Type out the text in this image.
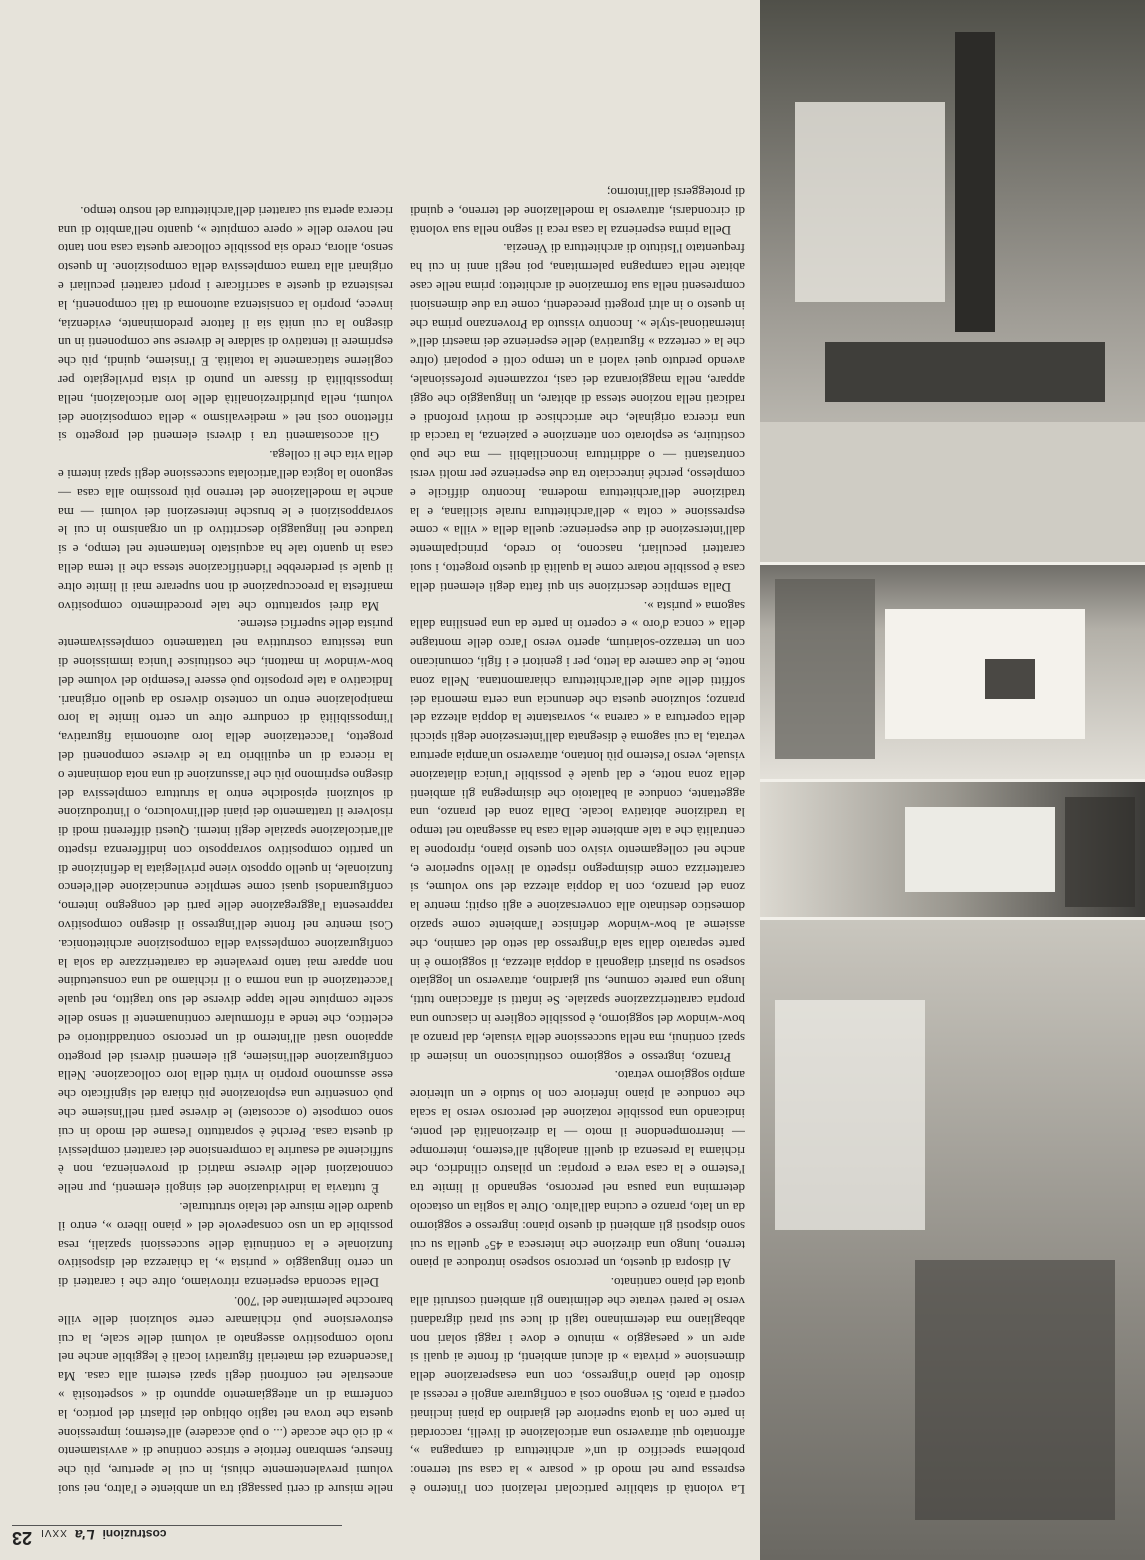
La volontà di stabilire particolari relazioni con l'interno è espressa pure nel modo di « posare » la casa sul terreno: problema specifico di un'« architettura di campagna », affrontato qui attraverso una articolazione di livelli, raccordati in parte con la quota superiore del giardino da piani inclinati coperti a prato. Si vengono così a configurare angoli e recessi al disotto del piano d'ingresso, con una esasperazione della dimensione « privata » di alcuni ambienti, di fronte ai quali si apre un « paesaggio » minuto e dove i raggi solari non abbagliano ma determinano tagli di luce sui prati digradanti verso le pareti vetrate che delimitano gli ambienti costruiti alla quota del piano cantinato.

Al disopra di questo, un percorso sospeso introduce al piano terreno, lungo una direzione che interseca a 45° quella su cui sono disposti gli ambienti di questo piano: ingresso e soggiorno da un lato, pranzo e cucina dall'altro. Oltre la soglia un ostacolo determina una pausa nel percorso, segnando il limite tra l'esterno e la casa vera e propria: un pilastro cilindrico, che richiama la presenza di quelli analoghi all'esterno, interrompe — interrompendone il moto — la direzionalità del ponte, indicando una possibile rotazione del percorso verso la scala che conduce al piano inferiore con lo studio e un ulteriore ampio soggiorno vetrato.

Pranzo, ingresso e soggiorno costituiscono un insieme di spazi continui, ma nella successione della visuale, dal pranzo al bow-window del soggiorno, è possibile cogliere in ciascuno una propria caratterizzazione spaziale. Se infatti si affacciano tutti, lungo una parete comune, sul giardino, attraverso un loggiato sospeso su pilastri diagonali a doppia altezza, il soggiorno è in parte separato dalla sala d'ingresso dal setto del camino, che assieme al bow-window definisce l'ambiente come spazio domestico destinato alla conversazione e agli ospiti; mentre la zona del pranzo, con la doppia altezza del suo volume, si caratterizza come disimpegno rispetto al livello superiore e, anche nel collegamento visivo con questo piano, ripropone la centralità che a tale ambiente della casa ha assegnato nel tempo la tradizione abitativa locale. Dalla zona del pranzo, una aggettante, conduce al ballatoio che disimpegna gli ambienti della zona notte, e dal quale è possibile l'unica dilatazione visuale, verso l'esterno più lontano, attraverso un'ampia apertura vetrata, la cui sagoma è disegnata dall'intersezione degli spicchi della copertura a « carena », sovrastante la doppia altezza del pranzo; soluzione questa che denuncia una certa memoria dei soffitti delle aule dell'architettura chiaramontana. Nella zona notte, le due camere da letto, per i genitori e i figli, comunicano con un terrazzo-solarium, aperto verso l'arco delle montagne della « conca d'oro » e coperto in parte da una pensilina dalla sagoma « purista ».

Dalla semplice descrizione sin qui fatta degli elementi della casa è possibile notare come la qualità di questo progetto, i suoi caratteri peculiari, nascono, io credo, principalmente dall'intersezione di due esperienze: quella della « villa » come espressione « colta » dell'architettura rurale siciliana, e la tradizione dell'architettura moderna. Incontro difficile e complesso, perché intrecciato tra due esperienze per molti versi contrastanti — o addirittura inconciliabili — ma che può costituire, se esplorato con attenzione e pazienza, la traccia di una ricerca originale, che arricchisce di motivi profondi e radicati nella nozione stessa di abitare, un linguaggio che oggi appare, nella maggioranza dei casi, rozzamente professionale, avendo perduto quei valori a un tempo colti e popolari (oltre che la « certezza » figurativa) delle esperienze dei maestri dell'« international-style ». Incontro vissuto da Provenzano prima che in questo o in altri progetti precedenti, come tra due dimensioni compresenti nella sua formazione di architetto: prima nelle case abitate nella campagna palermitana, poi negli anni in cui ha frequentato l'Istituto di architettura di Venezia.

Della prima esperienza la casa reca il segno nella sua volontà di circondarsi, attraverso la modellazione del terreno, e quindi di proteggersi dall'intorno;

nelle misure di certi passaggi tra un ambiente e l'altro, nei suoi volumi prevalentemente chiusi, in cui le aperture, più che finestre, sembrano feritoie e strisce continue di « avvistamento » di ciò che accade (... o può accadere) all'esterno; impressione questa che trova nel taglio obliquo dei pilastri del portico, la conferma di un atteggiamento appunto di « sospettosità » ancestrale nei confronti degli spazi esterni alla casa. Ma l'ascendenza dei materiali figurativi locali è leggibile anche nel ruolo compositivo assegnato ai volumi delle scale, la cui estroversione può richiamare certe soluzioni delle ville barocche palermitane del '700.

Della seconda esperienza ritroviamo, oltre che i caratteri di un certo linguaggio « purista », la chiarezza del dispositivo funzionale e la continuità delle successioni spaziali, resa possibile da un uso consapevole del « piano libero », entro il quadro delle misure del telaio strutturale.

È tuttavia la individuazione dei singoli elementi, pur nelle connotazioni delle diverse matrici di provenienza, non è sufficiente ad esaurire la comprensione dei caratteri complessivi di questa casa. Perché è soprattutto l'esame del modo in cui sono composte (o accostate) le diverse parti nell'insieme che può consentire una esplorazione più chiara del significato che esse assumono proprio in virtù della loro collocazione. Nella configurazione dell'insieme, gli elementi diversi del progetto appaiono usati all'interno di un percorso contraddittorio ed eclettico, che tende a riformulare continuamente il senso delle scelte compiute nelle tappe diverse del suo tragitto, nel quale l'accettazione di una norma o il richiamo ad una consuetudine non appare mai tanto prevalente da caratterizzare da sola la configurazione complessiva della composizione architettonica. Così mentre nel fronte dell'ingresso il disegno compositivo rappresenta l'aggregazione delle parti del congegno interno, configurandosi quasi come semplice enunciazione dell'elenco funzionale, in quello opposto viene privilegiata la definizione di un partito compositivo sovrapposto con indifferenza rispetto all'articolazione spaziale degli interni. Questi differenti modi di risolvere il trattamento dei piani dell'involucro, o l'introduzione di soluzioni episodiche entro la struttura complessiva del disegno esprimono più che l'assunzione di una nota dominante o la ricerca di un equilibrio tra le diverse componenti del progetto, l'accettazione della loro autonomia figurativa, l'impossibilità di condurre oltre un certo limite la loro manipolazione entro un contesto diverso da quello originari. Indicativo a tale proposito può essere l'esempio del volume del bow-window in mattoni, che costituisce l'unica immissione di una tessitura costruttiva nel trattamento complessivamente purista delle superfici esterne.

Ma direi soprattutto che tale procedimento compositivo manifesta la preoccupazione di non superare mai il limite oltre il quale si perderebbe l'identificazione stessa che il tema della casa in quanto tale ha acquistato lentamente nel tempo, e si traduce nel linguaggio descrittivo di un organismo in cui le sovrapposizioni e le brusche intersezioni dei volumi — ma anche la modellazione del terreno più prossimo alla casa — seguono la logica dell'articolata successione degli spazi interni e della vita che li collega.

Gli accostamenti tra i diversi elementi del progetto si riflettono così nel « medievalismo » della composizione dei volumi, nella pluridirezionalità delle loro articolazioni, nella impossibilità di fissare un punto di vista privilegiato per coglierne staticamente la totalità. E l'insieme, quindi, più che esprimere il tentativo di saldare le diverse sue componenti in un disegno la cui unità sia il fattore predominante, evidenzia, invece, proprio la consistenza autonoma di tali componenti, la resistenza di queste a sacrificare i propri caratteri peculiari e originari alla trama complessiva della composizione. In questo senso, allora, credo sia possibile collocare questa casa non tanto nel novero delle « opere compiute », quanto nell'ambito di una ricerca aperta sui caratteri dell'architettura del nostro tempo.

costruzioni
L'a
XXVI
23
